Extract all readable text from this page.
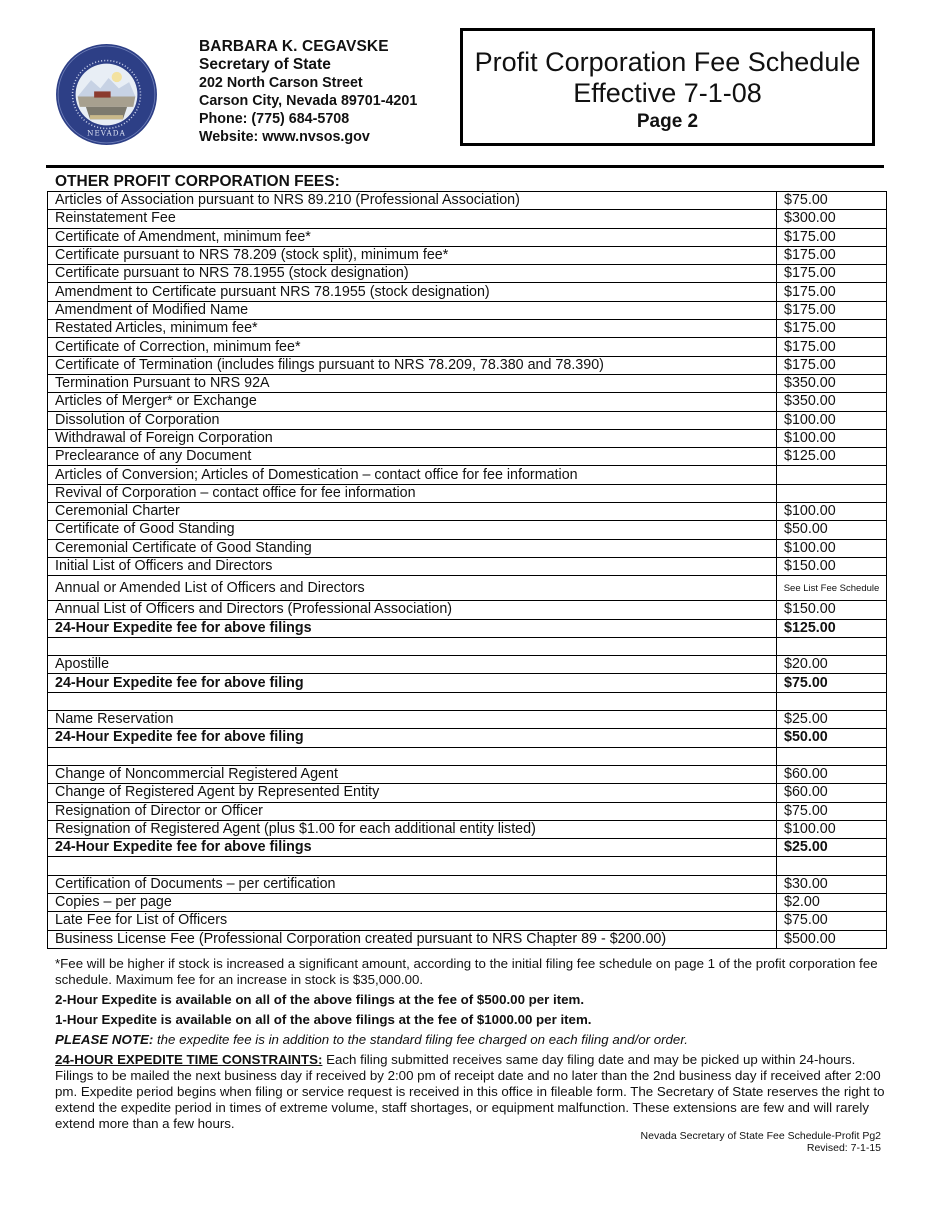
NEVADA
BARBARA K. CEGAVSKE
Secretary of State
202 North Carson Street
Carson City, Nevada 89701-4201
Phone: (775) 684-5708
Website: www.nvsos.gov
Profit Corporation Fee Schedule
Effective 7-1-08
Page 2
OTHER PROFIT CORPORATION FEES:
Articles of Association pursuant to NRS 89.210 (Professional Association)	$75.00
Reinstatement Fee	$300.00
Certificate of Amendment, minimum fee*	$175.00
Certificate pursuant to NRS 78.209 (stock split), minimum fee*	$175.00
Certificate pursuant to NRS 78.1955 (stock designation)	$175.00
Amendment to Certificate pursuant NRS 78.1955 (stock designation)	$175.00
Amendment of Modified Name	$175.00
Restated Articles, minimum fee*	$175.00
Certificate of Correction, minimum fee*	$175.00
Certificate of Termination (includes filings pursuant to NRS 78.209, 78.380 and 78.390)	$175.00
Termination Pursuant to NRS 92A	$350.00
Articles of Merger* or Exchange	$350.00
Dissolution of Corporation	$100.00
Withdrawal of Foreign Corporation	$100.00
Preclearance of any Document	$125.00
Articles of Conversion; Articles of Domestication – contact office for fee information	
Revival of Corporation – contact office for fee information	
Ceremonial Charter	$100.00
Certificate of Good Standing	$50.00
Ceremonial Certificate of Good Standing	$100.00
Initial List of Officers and Directors	$150.00
Annual or Amended List of Officers and Directors	See List Fee Schedule
Annual List of Officers and Directors (Professional Association)	$150.00
24-Hour Expedite fee for above filings	$125.00

Apostille	$20.00
24-Hour Expedite fee for above filing	$75.00

Name Reservation	$25.00
24-Hour Expedite fee for above filing	$50.00

Change of Noncommercial Registered Agent	$60.00
Change of Registered Agent by Represented Entity	$60.00
Resignation of Director or Officer	$75.00
Resignation of Registered Agent (plus $1.00 for each additional entity listed)	$100.00
24-Hour Expedite fee for above filings	$25.00

Certification of Documents – per certification	$30.00
Copies – per page	$2.00
Late Fee for List of Officers	$75.00
Business License Fee (Professional Corporation created pursuant to NRS Chapter 89 - $200.00)	$500.00

*Fee will be higher if stock is increased a significant amount, according to the initial filing fee schedule on page 1 of the profit corporation fee schedule. Maximum fee for an increase in stock is $35,000.00.

2-Hour Expedite is available on all of the above filings at the fee of $500.00 per item.

1-Hour Expedite is available on all of the above filings at the fee of $1000.00 per item.

PLEASE NOTE: the expedite fee is in addition to the standard filing fee charged on each filing and/or order.

24-HOUR EXPEDITE TIME CONSTRAINTS: Each filing submitted receives same day filing date and may be picked up within 24-hours. Filings to be mailed the next business day if received by 2:00 pm of receipt date and no later than the 2nd business day if received after 2:00 pm. Expedite period begins when filing or service request is received in this office in fileable form. The Secretary of State reserves the right to extend the expedite period in times of extreme volume, staff shortages, or equipment malfunction. These extensions are few and will rarely extend more than a few hours.

Nevada Secretary of State Fee Schedule-Profit Pg2
Revised: 7-1-15
